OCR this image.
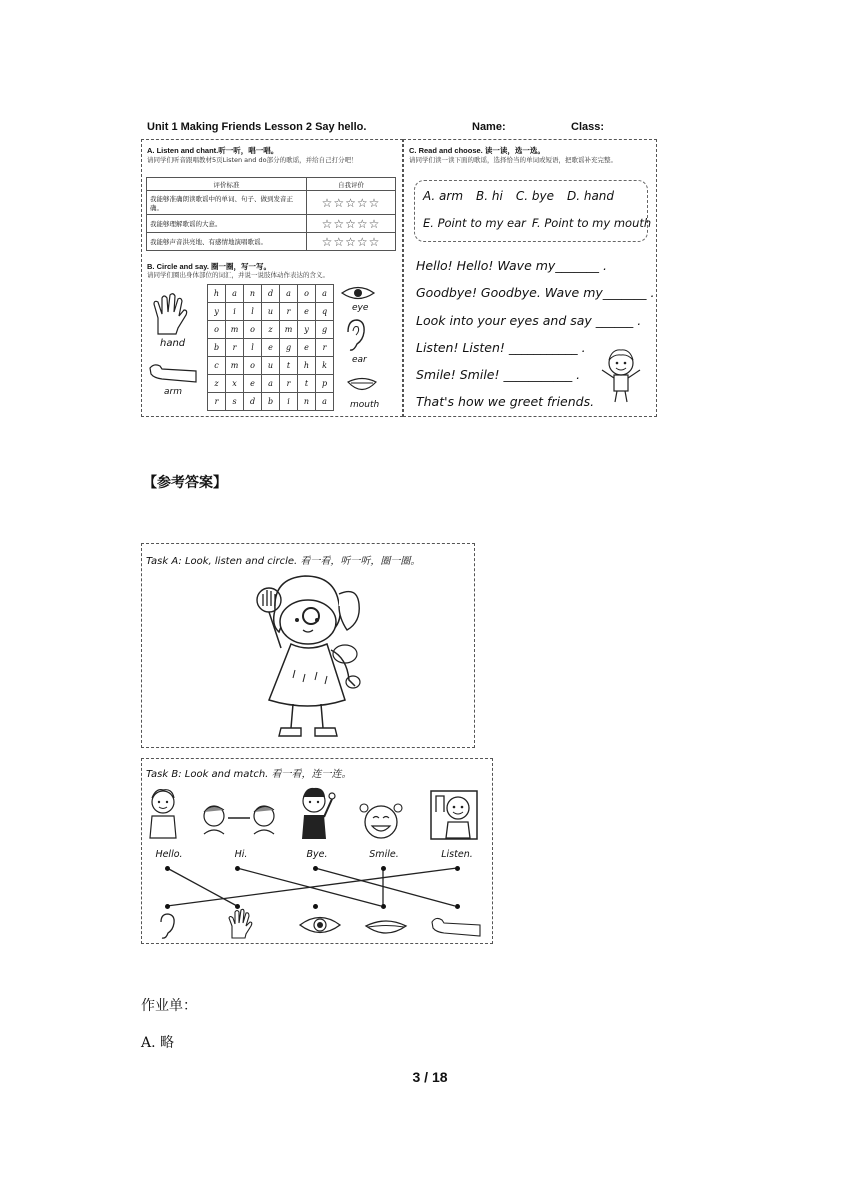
Unit 1 Making Friends Lesson 2 Say hello.	Name:	Class:
A. Listen and chant.听一听，唱一唱。
请同学们听音跟唱教材5页Listen and do部分的歌谣，并给自己打分吧！
评价标准	自我评价
我能够准确朗读歌谣中的单词、句子、做到发音正确。	☆☆☆☆☆
我能够理解歌谣的大意。	☆☆☆☆☆
我能够声音洪亮地、有感情地演唱歌谣。	☆☆☆☆☆
B. Circle and say. 圈一圈，写一写。
请同学们圈出身体部位的词汇，并说一说肢体动作表达的含义。
h	a	n	d	a	o	a
y	i	l	u	r	e	q
o	m	o	z	m	y	g
b	r	l	e	g	e	r
c	m	o	u	t	h	k
z	x	e	a	r	t	p
r	s	d	b	i	n	a
hand
arm
eye
ear
mouth
C. Read and choose. 读一读，选一选。
请同学们读一读下面的歌谣，选择恰当的单词或短语，把歌谣补充完整。
A. arm B. hi C. bye D. hand
E. Point to my ear F. Point to my mouth
Hello! Hello! Wave my_______ .
Goodbye! Goodbye. Wave my_______ .
Look into your eyes and say ______ .
Listen! Listen! ___________ .
Smile! Smile! ___________ .
That's how we greet friends.
【参考答案】
Task A: Look, listen and circle. 看一看，听一听，圈一圈。
Task B: Look and match. 看一看，连一连。
Hello.	Hi.	Bye.	Smile.	Listen.
作业单：
A. 略
3 / 18
